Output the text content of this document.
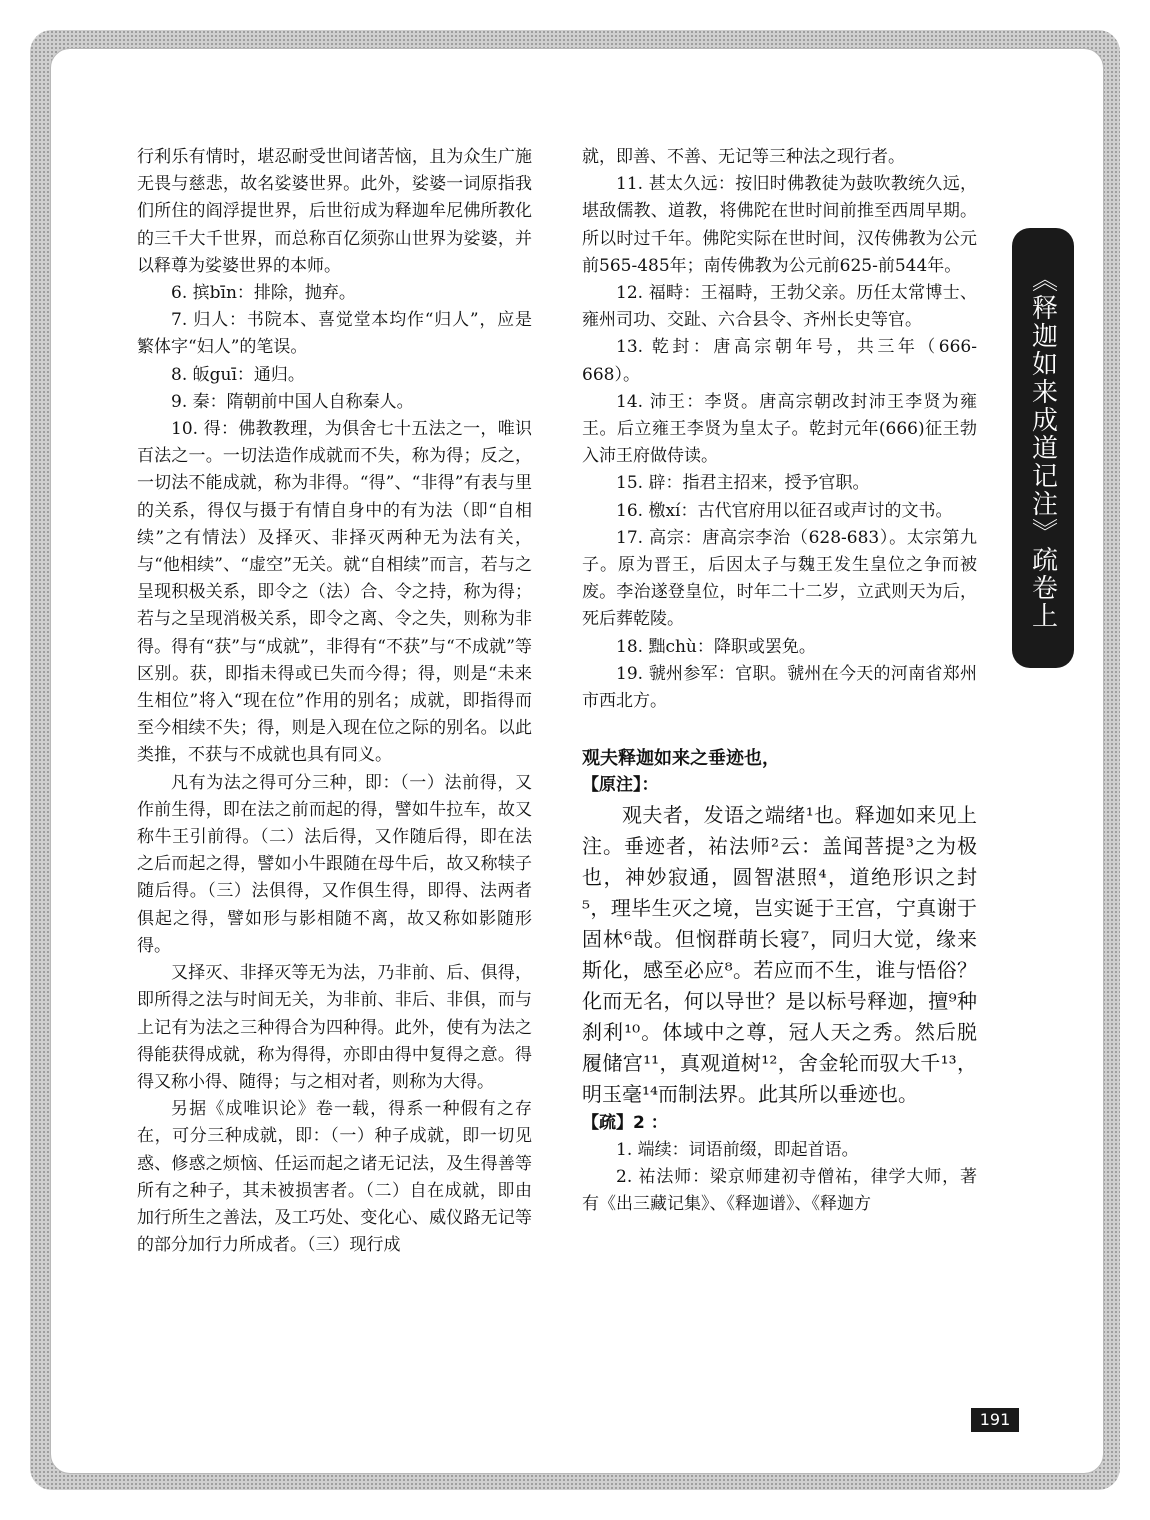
行利乐有情时，堪忍耐受世间诸苦恼，且为众生广施无畏与慈悲，故名娑婆世界。此外，娑婆一词原指我们所住的阎浮提世界，后世衍成为释迦牟尼佛所教化的三千大千世界，而总称百亿须弥山世界为娑婆，并以释尊为娑婆世界的本师。

6. 摈bīn：排除，抛弃。

7. 归人：书院本、喜觉堂本均作“归人”，应是繁体字“妇人”的笔误。

8. 皈guī：通归。

9. 秦：隋朝前中国人自称秦人。

10. 得：佛教教理，为俱舍七十五法之一，唯识百法之一。一切法造作成就而不失，称为得；反之，一切法不能成就，称为非得。“得”、“非得”有表与里的关系，得仅与摄于有情自身中的有为法（即“自相续”之有情法）及择灭、非择灭两种无为法有关，与“他相续”、“虚空”无关。就“自相续”而言，若与之呈现积极关系，即令之（法）合、令之持，称为得；若与之呈现消极关系，即令之离、令之失，则称为非得。得有“获”与“成就”，非得有“不获”与“不成就”等区别。获，即指未得或已失而今得；得，则是“未来生相位”将入“现在位”作用的别名；成就，即指得而至今相续不失；得，则是入现在位之际的别名。以此类推，不获与不成就也具有同义。

凡有为法之得可分三种，即：（一）法前得，又作前生得，即在法之前而起的得，譬如牛拉车，故又称牛王引前得。（二）法后得，又作随后得，即在法之后而起之得，譬如小牛跟随在母牛后，故又称犊子随后得。（三）法俱得，又作俱生得，即得、法两者俱起之得，譬如形与影相随不离，故又称如影随形得。

又择灭、非择灭等无为法，乃非前、后、俱得，即所得之法与时间无关，为非前、非后、非俱，而与上记有为法之三种得合为四种得。此外，使有为法之得能获得成就，称为得得，亦即由得中复得之意。得得又称小得、随得；与之相对者，则称为大得。

另据《成唯识论》卷一载，得系一种假有之存在，可分三种成就，即：（一）种子成就，即一切见惑、修惑之烦恼、任运而起之诸无记法，及生得善等所有之种子，其未被损害者。（二）自在成就，即由加行所生之善法，及工巧处、变化心、威仪路无记等的部分加行力所成者。（三）现行成

就，即善、不善、无记等三种法之现行者。

11. 甚太久远：按旧时佛教徒为鼓吹教统久远，堪敌儒教、道教，将佛陀在世时间前推至西周早期。所以时过千年。佛陀实际在世时间，汉传佛教为公元前565-485年；南传佛教为公元前625-前544年。

12. 福畤：王福畤，王勃父亲。历任太常博士、雍州司功、交趾、六合县令、齐州长史等官。

13. 乾封：唐高宗朝年号，共三年（666-668）。

14. 沛王：李贤。唐高宗朝改封沛王李贤为雍王。后立雍王李贤为皇太子。乾封元年(666)征王勃入沛王府做侍读。

15. 辟：指君主招来，授予官职。

16. 檄xí：古代官府用以征召或声讨的文书。

17. 高宗：唐高宗李治（628-683）。太宗第九子。原为晋王，后因太子与魏王发生皇位之争而被废。李治遂登皇位，时年二十二岁，立武则天为后，死后葬乾陵。

18. 黜chù：降职或罢免。

19. 虢州参军：官职。虢州在今天的河南省郑州市西北方。

观夫释迦如来之垂迹也，

【原注】：

观夫者，发语之端绪¹也。释迦如来见上注。垂迹者，祐法师²云：盖闻菩提³之为极也，神妙寂通，圆智湛照⁴，道绝形识之封⁵，理毕生灭之境，岂实诞于王宫，宁真谢于固林⁶哉。但悯群萌长寝⁷，同归大觉，缘来斯化，感至必应⁸。若应而不生，谁与悟俗？化而无名，何以导世？是以标号释迦，擅⁹种刹利¹⁰。体域中之尊，冠人天之秀。然后脱履储宫¹¹，真观道树¹²，舍金轮而驭大千¹³，明玉毫¹⁴而制法界。此其所以垂迹也。

【疏】2 ：

1. 端续：词语前缀，即起首语。

2. 祐法师：梁京师建初寺僧祐，律学大师，著有《出三藏记集》、《释迦谱》、《释迦方

《释迦如来成道记注》疏卷上
191
